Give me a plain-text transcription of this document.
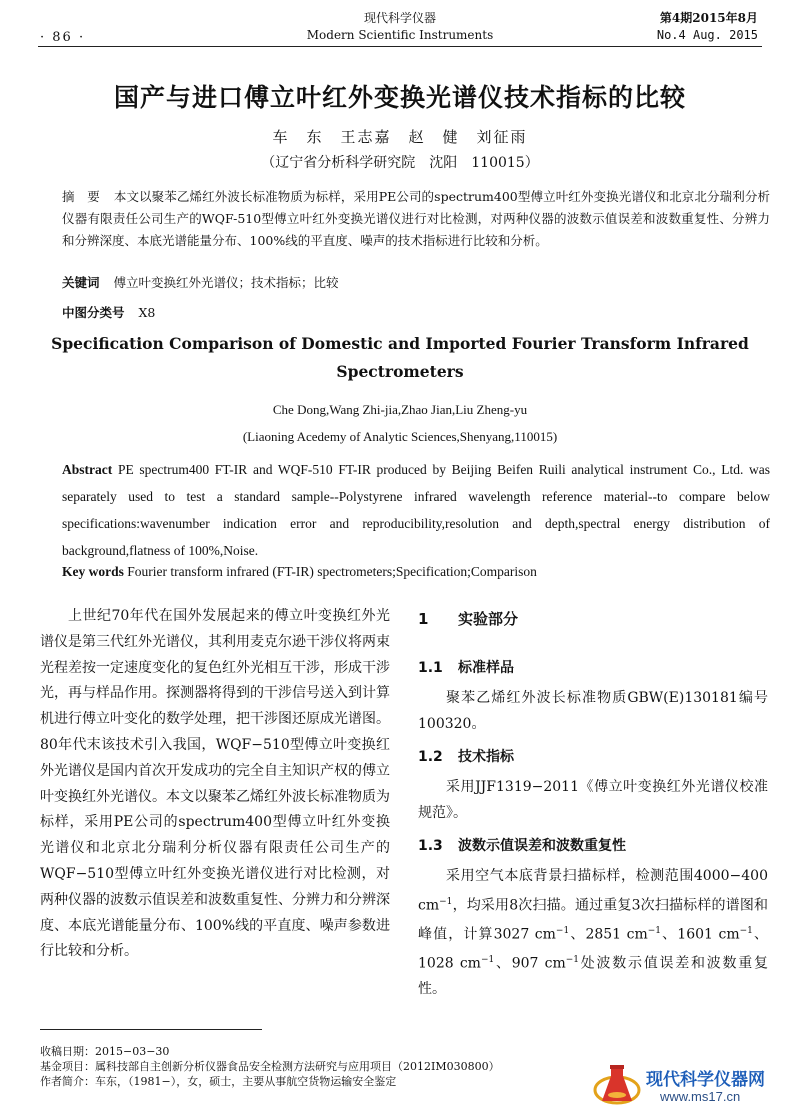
· 86 ·
现代科学仪器
Modern Scientific Instruments
第4期2015年8月
No.4 Aug. 2015
国产与进口傅立叶红外变换光谱仪技术指标的比较
车　东　王志嘉　赵　健　刘征雨
（辽宁省分析科学研究院　沈阳　110015）
摘　要 本文以聚苯乙烯红外波长标准物质为标样，采用PE公司的spectrum400型傅立叶红外变换光谱仪和北京北分瑞利分析仪器有限责任公司生产的WQF-510型傅立叶红外变换光谱仪进行对比检测，对两种仪器的波数示值误差和波数重复性、分辨力和分辨深度、本底光谱能量分布、100%线的平直度、噪声的技术指标进行比较和分析。
关键词 傅立叶变换红外光谱仪；技术指标；比较
中图分类号 X8
Specification Comparison of Domestic and Imported Fourier Transform Infrared Spectrometers
Che Dong,Wang Zhi-jia,Zhao Jian,Liu Zheng-yu
(Liaoning Acedemy of Analytic Sciences,Shenyang,110015)
Abstract PE spectrum400 FT-IR and WQF-510 FT-IR produced by Beijing Beifen Ruili analytical instrument Co., Ltd. was separately used to test a standard sample--Polystyrene infrared wavelength reference material--to compare below specifications:wavenumber indication error and reproducibility,resolution and depth,spectral energy distribution of background,flatness of 100%,Noise.
Key words Fourier transform infrared (FT-IR) spectrometers;Specification;Comparison
上世纪70年代在国外发展起来的傅立叶变换红外光谱仪是第三代红外光谱仪，其利用麦克尔逊干涉仪将两束光程差按一定速度变化的复色红外光相互干涉，形成干涉光，再与样品作用。探测器将得到的干涉信号送入到计算机进行傅立叶变化的数学处理，把干涉图还原成光谱图。80年代末该技术引入我国，WQF−510型傅立叶变换红外光谱仪是国内首次开发成功的完全自主知识产权的傅立叶变换红外光谱仪。本文以聚苯乙烯红外波长标准物质为标样，采用PE公司的spectrum400型傅立叶红外变换光谱仪和北京北分瑞利分析仪器有限责任公司生产的WQF−510型傅立叶红外变换光谱仪进行对比检测，对两种仪器的波数示值误差和波数重复性、分辨力和分辨深度、本底光谱能量分布、100%线的平直度、噪声参数进行比较和分析。
1 实验部分
1.1 标准样品
聚苯乙烯红外波长标准物质GBW(E)130181编号100320。
1.2 技术指标
采用JJF1319−2011《傅立叶变换红外光谱仪校准规范》。
1.3 波数示值误差和波数重复性
采用空气本底背景扫描标样，检测范围4000−400 $cm^{-1}$，均采用8次扫描。通过重复3次扫描标样的谱图和峰值，计算3027 $cm^{-1}$、2851 $cm^{-1}$、1601 $cm^{-1}$、1028 $cm^{-1}$、907 $cm^{-1}$处波数示值误差和波数重复性。
收稿日期：2015−03−30
基金项目：属科技部自主创新分析仪器食品安全检测方法研究与应用项目（2012IM030800）
作者简介：车东，（1981−），女，硕士，主要从事航空货物运输安全鉴定	现代科学仪器网
www.ms17.cn
